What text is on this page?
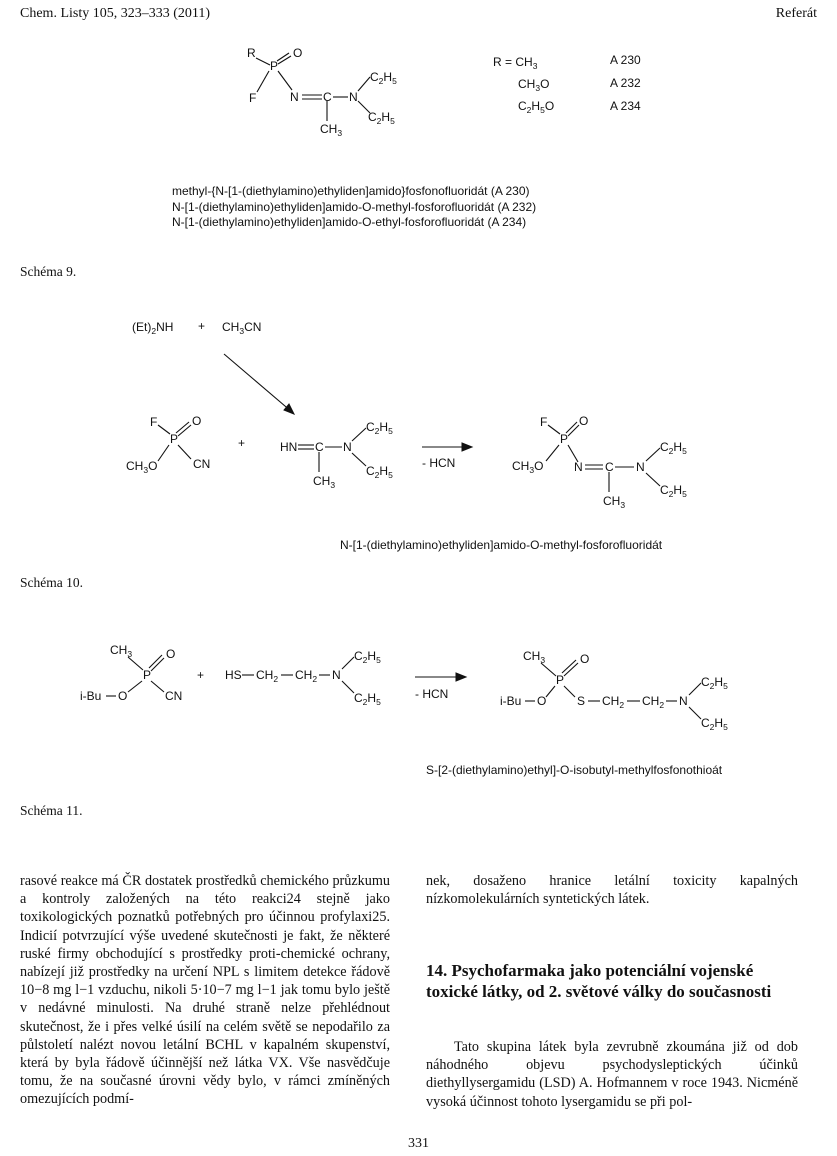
Chem. Listy 105, 323–333 (2011)	Referát
R
P
O
F	N C N
$C_2H_5$
$C_2H_5$
$CH_3$
$R = CH_3$	A 230
$CH_3O$	A 232
$C_2H_5O$	A 234
$(Et)_2NH + CH_3CN$
F
P
O
$CH_3O$	CN
+	HN C N
$CH_3$
$C_2H_5$
$C_2H_5$
- HCN
F
P
O
$CH_3O$	N C N
$CH_3$
$C_2H_5$
$C_2H_5$
$CH_3$
P
O
i-Bu O	CN
+ HS $CH_2$ $CH_2$ N
$C_2H_5$
$C_2H_5$
- HCN
$CH_3$
P
O
i-Bu O	S $CH_2$ $CH_2$ N
$C_2H_5$
$C_2H_5$
methyl-{N-[1-(diethylamino)ethyliden]amido}fosfonofluoridát (A 230)
N-[1-(diethylamino)ethyliden]amido-O-methyl-fosforofluoridát (A 232)
N-[1-(diethylamino)ethyliden]amido-O-ethyl-fosforofluoridát (A 234)
Schéma 9.
N-[1-(diethylamino)ethyliden]amido-O-methyl-fosforofluoridát
Schéma 10.
S-[2-(diethylamino)ethyl]-O-isobutyl-methylfosfonothioát
Schéma 11.

rasové reakce má ČR dostatek prostředků chemického průzkumu a kontroly založených na této reakci24 stejně jako toxikologických poznatků potřebných pro účinnou profylaxi25. Indicií potvrzující výše uvedené skutečnosti je fakt, že některé ruské firmy obchodující s prostředky proti-chemické ochrany, nabízejí již prostředky na určení NPL s limitem detekce řádově 10−8 mg l−1 vzduchu, nikoli 5·10−7 mg l−1 jak tomu bylo ještě v nedávné minulosti. Na druhé straně nelze přehlédnout skutečnost, že i přes velké úsilí na celém světě se nepodařilo za půlstoletí nalézt novou letální BCHL v kapalném skupenství, která by byla řádově účinnější než látka VX. Vše nasvědčuje tomu, že na současné úrovni vědy bylo, v rámci zmíněných omezujících podmí-

nek, dosaženo hranice letální toxicity kapalných nízkomolekulárních syntetických látek.

14. Psychofarmaka jako potenciální vojenské toxické látky, od 2. světové války do současnosti

Tato skupina látek byla zevrubně zkoumána již od dob náhodného objevu psychodysleptických účinků diethyllysergamidu (LSD) A. Hofmannem v roce 1943. Nicméně vysoká účinnost tohoto lysergamidu se při pol-

331
